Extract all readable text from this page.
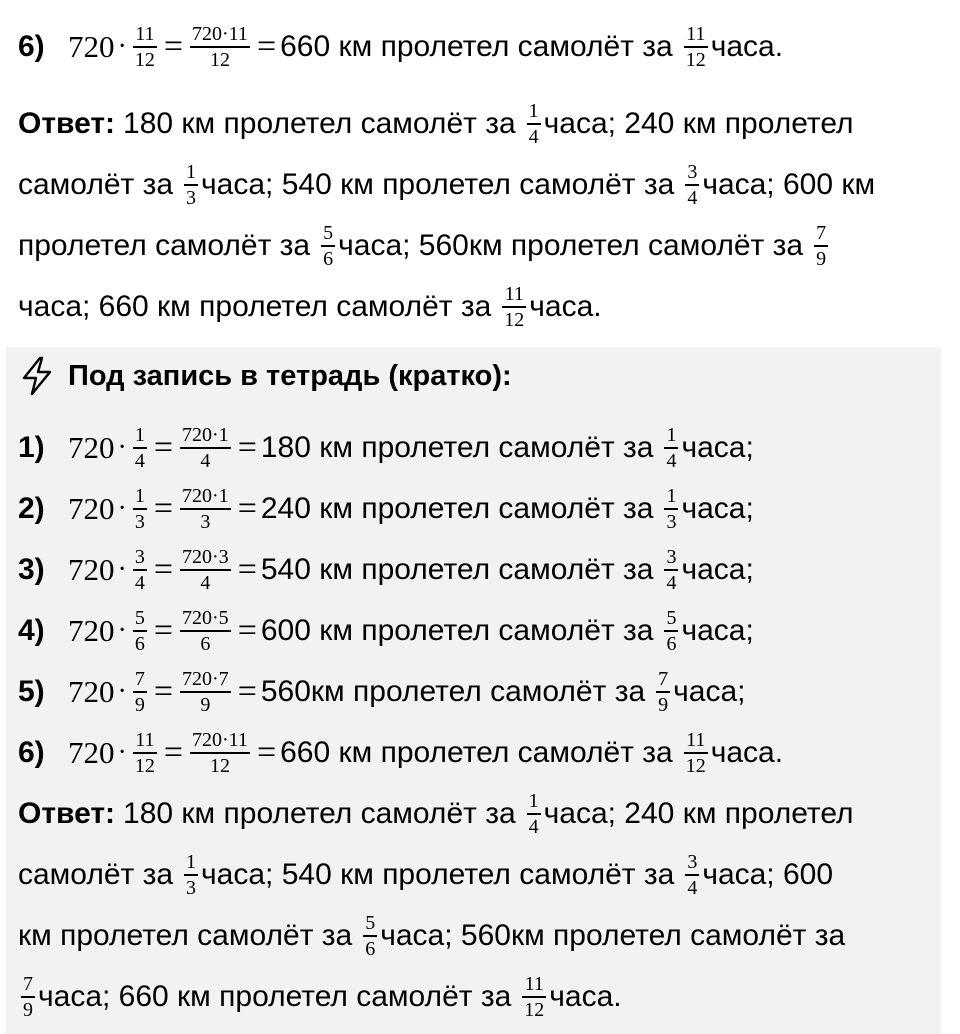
6) $720 \cdot \frac{11}{12} = \frac{720\cdot 11}{12} = 660$ км пролетел самолёт за $\frac{11}{12}$ часа.
Ответ: 180 км пролетел самолёт за $\frac{1}{4}$ часа; 240 км пролетел
самолёт за $\frac{1}{3}$ часа; 540 км пролетел самолёт за $\frac{3}{4}$ часа; 600 км
пролетел самолёт за $\frac{5}{6}$ часа; 560км пролетел самолёт за $\frac{7}{9}$
часа; 660 км пролетел самолёт за $\frac{11}{12}$ часа.
Под запись в тетрадь (кратко):
1) $720 \cdot \frac{1}{4} = \frac{720\cdot 1}{4} = 180$ км пролетел самолёт за $\frac{1}{4}$ часа;
2) $720 \cdot \frac{1}{3} = \frac{720\cdot 1}{3} = 240$ км пролетел самолёт за $\frac{1}{3}$ часа;
3) $720 \cdot \frac{3}{4} = \frac{720\cdot 3}{4} = 540$ км пролетел самолёт за $\frac{3}{4}$ часа;
4) $720 \cdot \frac{5}{6} = \frac{720\cdot 5}{6} = 600$ км пролетел самолёт за $\frac{5}{6}$ часа;
5) $720 \cdot \frac{7}{9} = \frac{720\cdot 7}{9} = 560км$ пролетел самолёт за $\frac{7}{9}$ часа;
6) $720 \cdot \frac{11}{12} = \frac{720\cdot 11}{12} = 660$ км пролетел самолёт за $\frac{11}{12}$ часа.
Ответ: 180 км пролетел самолёт за $\frac{1}{4}$ часа; 240 км пролетел
самолёт за $\frac{1}{3}$ часа; 540 км пролетел самолёт за $\frac{3}{4}$ часа; 600
км пролетел самолёт за $\frac{5}{6}$ часа; 560км пролетел самолёт за
$\frac{7}{9}$ часа; 660 км пролетел самолёт за $\frac{11}{12}$ часа.
